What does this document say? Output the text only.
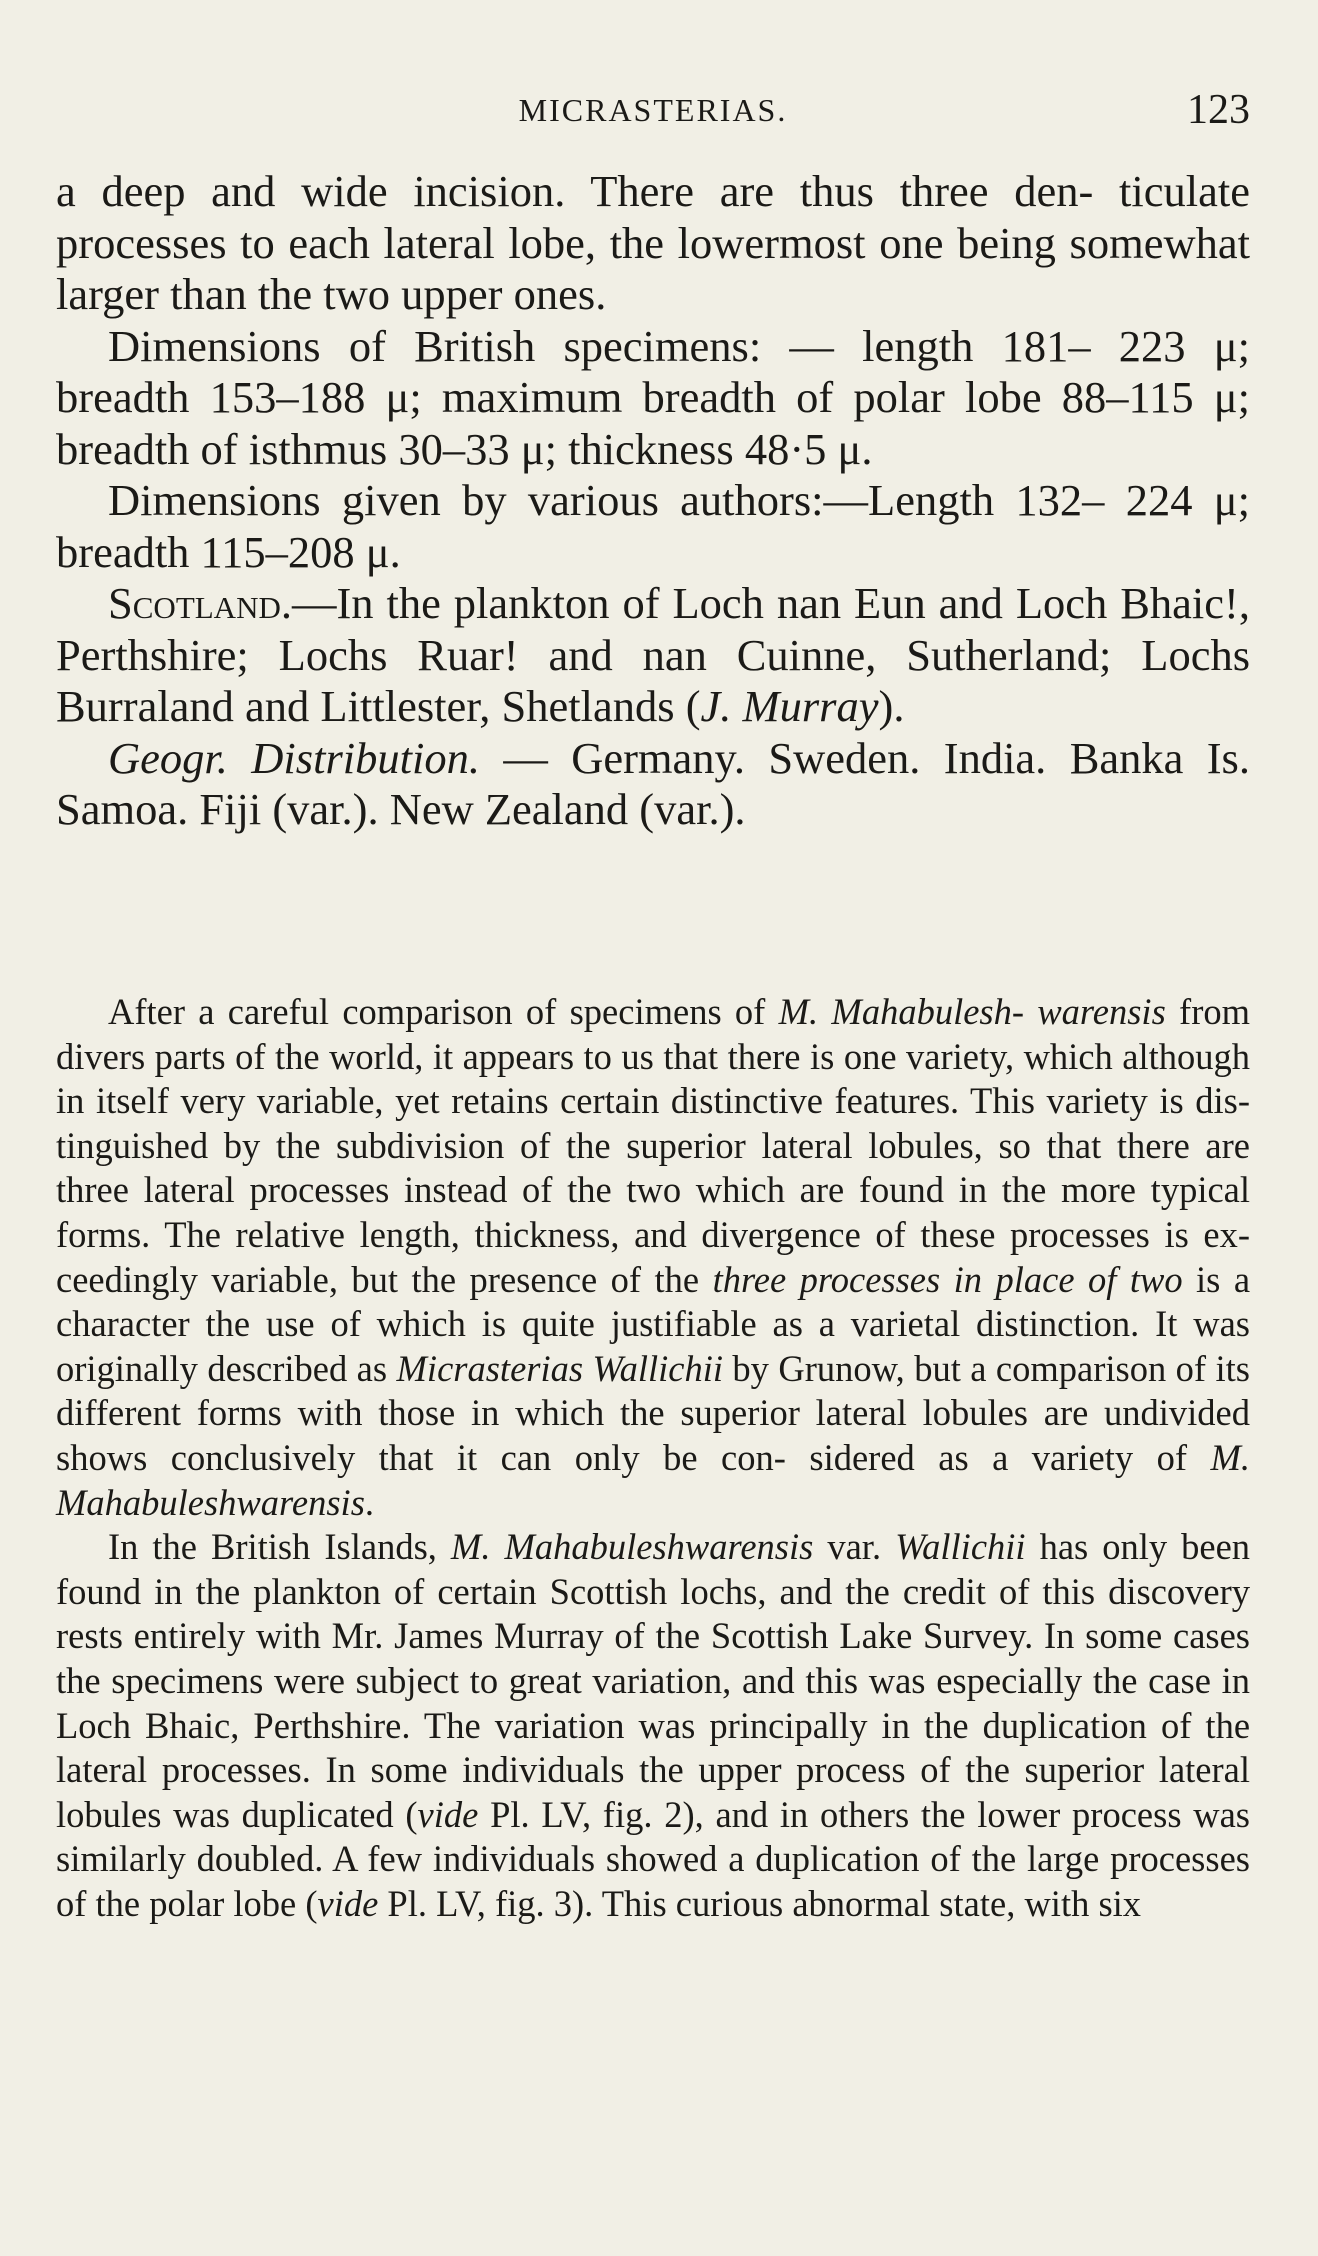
MICRASTERIAS.	123

a deep and wide incision. There are thus three den- ticulate processes to each lateral lobe, the lowermost one being somewhat larger than the two upper ones.

Dimensions of British specimens: — length 181– 223 μ; breadth 153–188 μ; maximum breadth of polar lobe 88–115 μ; breadth of isthmus 30–33 μ; thickness 48·5 μ.

Dimensions given by various authors:—Length 132– 224 μ; breadth 115–208 μ.

Scotland.—In the plankton of Loch nan Eun and Loch Bhaic!, Perthshire; Lochs Ruar! and nan Cuinne, Sutherland; Lochs Burraland and Littlester, Shetlands (J. Murray).

Geogr. Distribution. — Germany. Sweden. India. Banka Is. Samoa. Fiji (var.). New Zealand (var.).

After a careful comparison of specimens of M. Mahabulesh- warensis from divers parts of the world, it appears to us that there is one variety, which although in itself very variable, yet retains certain distinctive features. This variety is dis- tinguished by the subdivision of the superior lateral lobules, so that there are three lateral processes instead of the two which are found in the more typical forms. The relative length, thickness, and divergence of these processes is ex- ceedingly variable, but the presence of the three processes in place of two is a character the use of which is quite justifiable as a varietal distinction. It was originally described as Micrasterias Wallichii by Grunow, but a comparison of its different forms with those in which the superior lateral lobules are undivided shows conclusively that it can only be con- sidered as a variety of M. Mahabuleshwarensis.

In the British Islands, M. Mahabuleshwarensis var. Wallichii has only been found in the plankton of certain Scottish lochs, and the credit of this discovery rests entirely with Mr. James Murray of the Scottish Lake Survey. In some cases the specimens were subject to great variation, and this was especially the case in Loch Bhaic, Perthshire. The variation was principally in the duplication of the lateral processes. In some individuals the upper process of the superior lateral lobules was duplicated (vide Pl. LV, fig. 2), and in others the lower process was similarly doubled. A few individuals showed a duplication of the large processes of the polar lobe (vide Pl. LV, fig. 3). This curious abnormal state, with six
